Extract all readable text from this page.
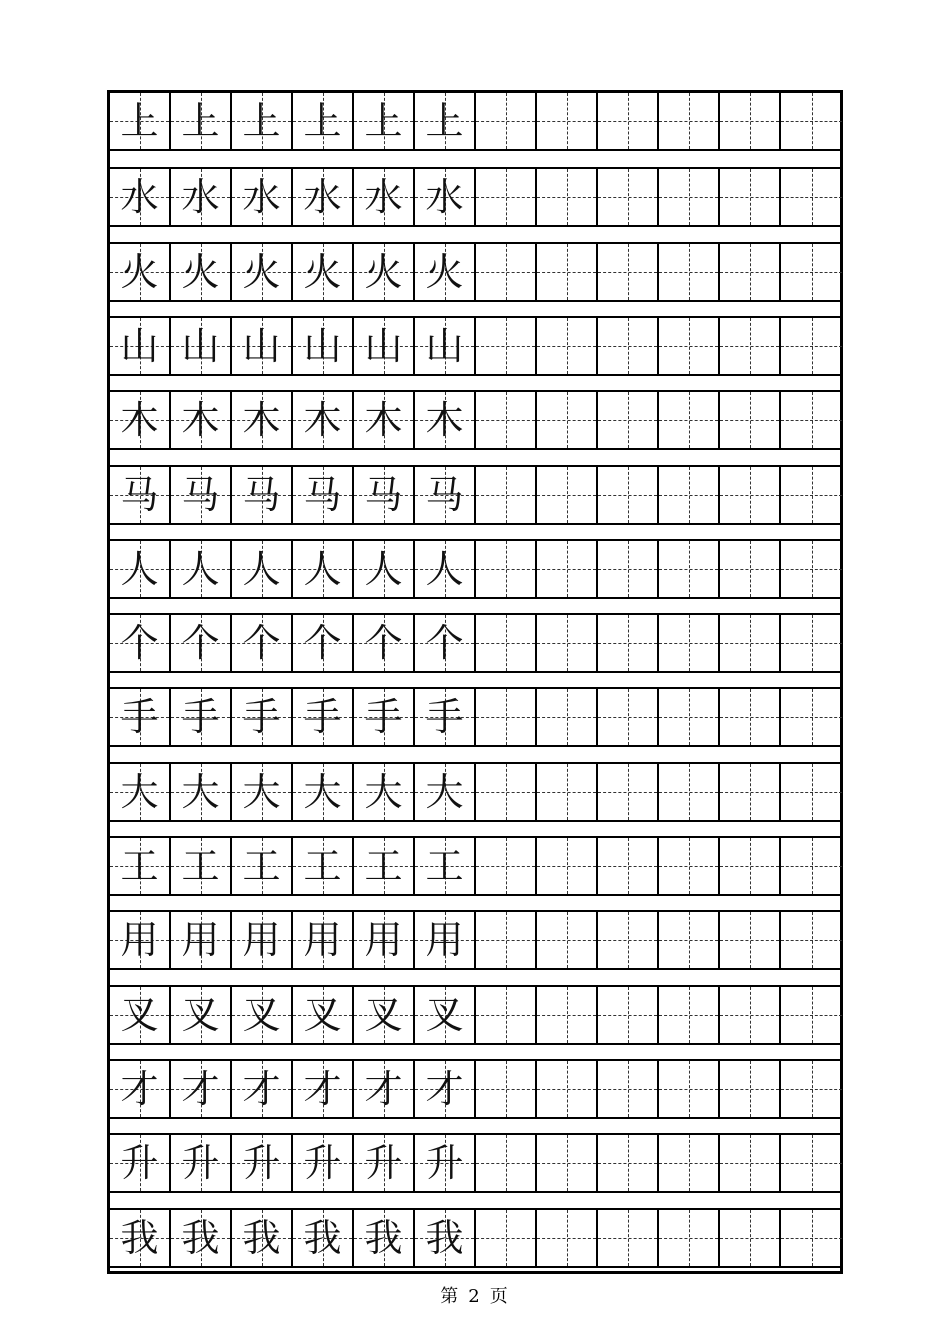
上 上 上 上 上 上
水 水 水 水 水 水
火 火 火 火 火 火
山 山 山 山 山 山
木 木 木 木 木 木
马 马 马 马 马 马
人 人 人 人 人 人
个 个 个 个 个 个
手 手 手 手 手 手
大 大 大 大 大 大
工 工 工 工 工 工
用 用 用 用 用 用
叉 叉 叉 叉 叉 叉
才 才 才 才 才 才
升 升 升 升 升 升
我 我 我 我 我 我
第 2 页
